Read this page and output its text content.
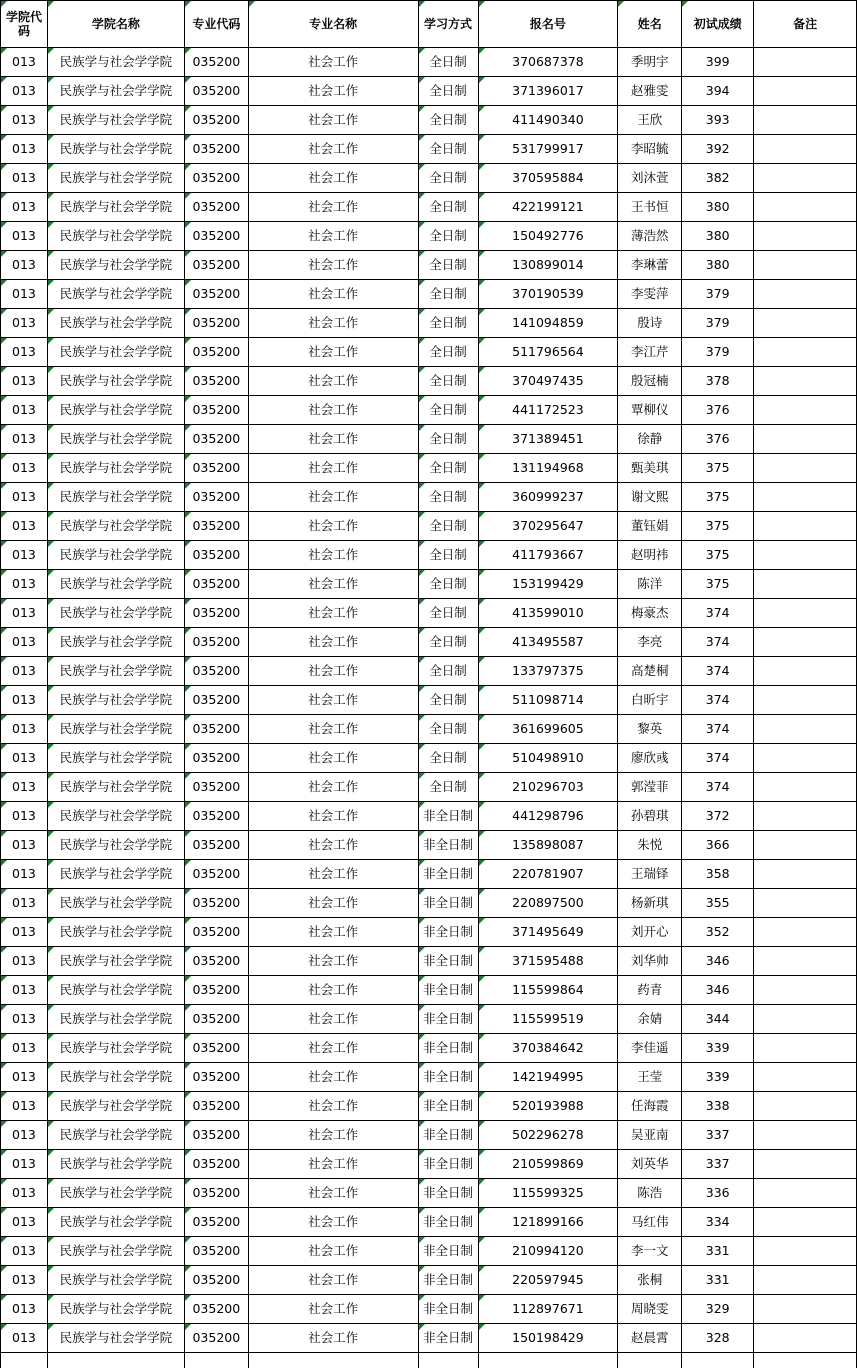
学院代码	学院名称	专业代码	专业名称	学习方式	报名号	姓名	初试成绩	备注
013	民族学与社会学学院	035200	社会工作	全日制	370687378	季明宇	399	
013	民族学与社会学学院	035200	社会工作	全日制	371396017	赵雅雯	394	
013	民族学与社会学学院	035200	社会工作	全日制	411490340	王欣	393	
013	民族学与社会学学院	035200	社会工作	全日制	531799917	李昭毓	392	
013	民族学与社会学学院	035200	社会工作	全日制	370595884	刘沐萱	382	
013	民族学与社会学学院	035200	社会工作	全日制	422199121	王书恒	380	
013	民族学与社会学学院	035200	社会工作	全日制	150492776	薄浩然	380	
013	民族学与社会学学院	035200	社会工作	全日制	130899014	李琳蕾	380	
013	民族学与社会学学院	035200	社会工作	全日制	370190539	李雯萍	379	
013	民族学与社会学学院	035200	社会工作	全日制	141094859	殷诗	379	
013	民族学与社会学学院	035200	社会工作	全日制	511796564	李江芹	379	
013	民族学与社会学学院	035200	社会工作	全日制	370497435	殷冠楠	378	
013	民族学与社会学学院	035200	社会工作	全日制	441172523	覃柳仪	376	
013	民族学与社会学学院	035200	社会工作	全日制	371389451	徐静	376	
013	民族学与社会学学院	035200	社会工作	全日制	131194968	甄美琪	375	
013	民族学与社会学学院	035200	社会工作	全日制	360999237	谢文熙	375	
013	民族学与社会学学院	035200	社会工作	全日制	370295647	董钰娟	375	
013	民族学与社会学学院	035200	社会工作	全日制	411793667	赵明祎	375	
013	民族学与社会学学院	035200	社会工作	全日制	153199429	陈洋	375	
013	民族学与社会学学院	035200	社会工作	全日制	413599010	梅豪杰	374	
013	民族学与社会学学院	035200	社会工作	全日制	413495587	李亮	374	
013	民族学与社会学学院	035200	社会工作	全日制	133797375	高楚桐	374	
013	民族学与社会学学院	035200	社会工作	全日制	511098714	白昕宇	374	
013	民族学与社会学学院	035200	社会工作	全日制	361699605	黎英	374	
013	民族学与社会学学院	035200	社会工作	全日制	510498910	廖欣彧	374	
013	民族学与社会学学院	035200	社会工作	全日制	210296703	郭滢菲	374	
013	民族学与社会学学院	035200	社会工作	非全日制	441298796	孙碧琪	372	
013	民族学与社会学学院	035200	社会工作	非全日制	135898087	朱悦	366	
013	民族学与社会学学院	035200	社会工作	非全日制	220781907	王瑞铎	358	
013	民族学与社会学学院	035200	社会工作	非全日制	220897500	杨新琪	355	
013	民族学与社会学学院	035200	社会工作	非全日制	371495649	刘开心	352	
013	民族学与社会学学院	035200	社会工作	非全日制	371595488	刘华帅	346	
013	民族学与社会学学院	035200	社会工作	非全日制	115599864	药青	346	
013	民族学与社会学学院	035200	社会工作	非全日制	115599519	余婧	344	
013	民族学与社会学学院	035200	社会工作	非全日制	370384642	李佳遥	339	
013	民族学与社会学学院	035200	社会工作	非全日制	142194995	王莹	339	
013	民族学与社会学学院	035200	社会工作	非全日制	520193988	任海霞	338	
013	民族学与社会学学院	035200	社会工作	非全日制	502296278	吴亚南	337	
013	民族学与社会学学院	035200	社会工作	非全日制	210599869	刘英华	337	
013	民族学与社会学学院	035200	社会工作	非全日制	115599325	陈浩	336	
013	民族学与社会学学院	035200	社会工作	非全日制	121899166	马红伟	334	
013	民族学与社会学学院	035200	社会工作	非全日制	210994120	李一文	331	
013	民族学与社会学学院	035200	社会工作	非全日制	220597945	张桐	331	
013	民族学与社会学学院	035200	社会工作	非全日制	112897671	周晓雯	329	
013	民族学与社会学学院	035200	社会工作	非全日制	150198429	赵晨霄	328	
